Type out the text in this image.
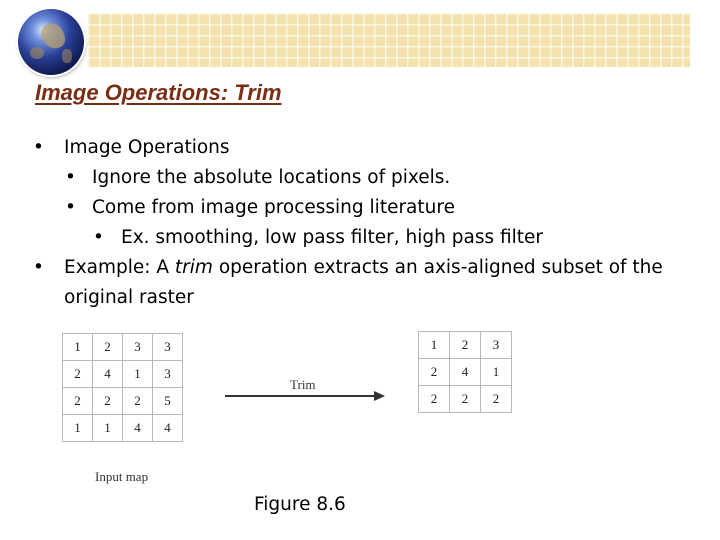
Image Operations: Trim
• Image Operations
• Ignore the absolute locations of pixels.
• Come from image processing literature
• Ex. smoothing, low pass filter, high pass filter
• Example: A trim operation extracts an axis-aligned subset of the
original raster
1	2	3	3
2	4	1	3
2	2	2	5
1	1	4	4
Trim
1	2	3
2	4	1
2	2	2
Input map
Figure 8.6
